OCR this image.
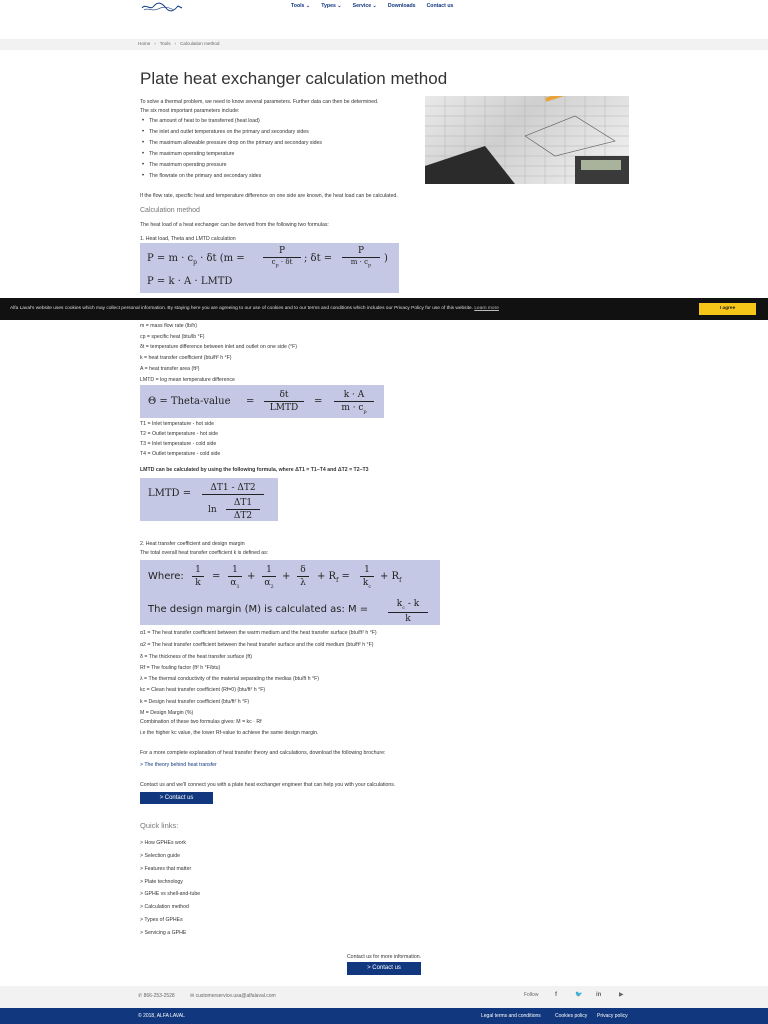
Tools ⌄ Types ⌄ Service ⌄ Downloads Contact us
Home › Tools › Calculation method
Plate heat exchanger calculation method

To solve a thermal problem, we need to know several parameters. Further data can then be determined.

The six most important parameters include:

• The amount of heat to be transferred (heat load)
• The inlet and outlet temperatures on the primary and secondary sides
• The maximum allowable pressure drop on the primary and secondary sides
• The maximum operating temperature
• The maximum operating pressure
• The flowrate on the primary and secondary sides
If the flow rate, specific heat and temperature difference on one side are known, the heat load can be calculated.
Calculation method
The heat load of a heat exchanger can be derived from the following two formulas:
1. Heat load, Theta and LMTD calculation
$P = m \cdot c_p \cdot \delta t$ (m =
P
$c_p \cdot \delta t$	; δt =
P
$m \cdot c_p$
)
P = k · A · LMTD
Alfa Laval's website uses cookies which may collect personal information. By staying here you are agreeing to our use of cookies and to our terms and conditions which includes our Privacy Policy for use of this website. Learn more	I agree
m = mass flow rate (lb/h)
cp = specific heat (btu/lb °F)
δt = temperature difference between inlet and outlet on one side (°F)
k = heat transfer coefficient (btu/ft² h °F)
A = heat transfer area (ft²)
LMTD = log mean temperature difference
Θ = Theta-value =
δt
LMTD
= $\frac{k \cdot A}{m \cdot c_p}$
T1 = Inlet temperature - hot side
T2 = Outlet temperature - hot side
T3 = Inlet temperature - cold side
T4 = Outlet temperature - cold side
LMTD can be calculated by using the following formula, where ΔT1 = T1–T4 and ΔT2 = T2–T3
LMTD = ΔT1 - ΔT2
ln
ΔT1
ΔT2
2. Heat transfer coefficient and design margin
The total overall heat transfer coefficient k is defined as:
Where: $\frac{1}{k} = \frac{1}{\alpha_1} + \frac{1}{\alpha_2} + \frac{\delta}{\lambda} + R_f = \frac{1}{k_c} + R_f$
The design margin (M) is calculated as: $M = \frac{k_c - k}{k}$
α1 = The heat transfer coefficient between the warm medium and the heat transfer surface (btu/ft² h °F)
α2 = The heat transfer coefficient between the heat transfer surface and the cold medium (btu/ft² h °F)
δ = The thickness of the heat transfer surface (ft)
Rf = The fouling factor (ft² h °F/btu)
λ = The thermal conductivity of the material separating the medias (btu/ft h °F)
kc = Clean heat transfer coefficient (Rf=0) (btu/ft² h °F)
k = Design heat transfer coefficient (btu/ft² h °F)
M = Design Margin (%)
Combination of these two formulas gives: M = kc · Rf
i.e the higher kc value, the lower Rf-value to achieve the same design margin.
For a more complete explanation of heat transfer theory and calculations, download the following brochure:
> The theory behind heat transfer
Contact us and we'll connect you with a plate heat exchanger engineer that can help you with your calculations.
> Contact us
Quick links:
> How GPHEs work
> Selection guide
> Features that matter
> Plate technology
> GPHE vs shell-and-tube
> Calculation method
> Types of GPHEs
> Servicing a GPHE
Contact us for more information.
> Contact us
✆ 866-253-2528	✉ customerservice.usa@alfalaval.com	Follow	f	🐦 in	▶
© 2018, ALFA LAVAL	Legal terms and conditions	Cookies policy Privacy policy
